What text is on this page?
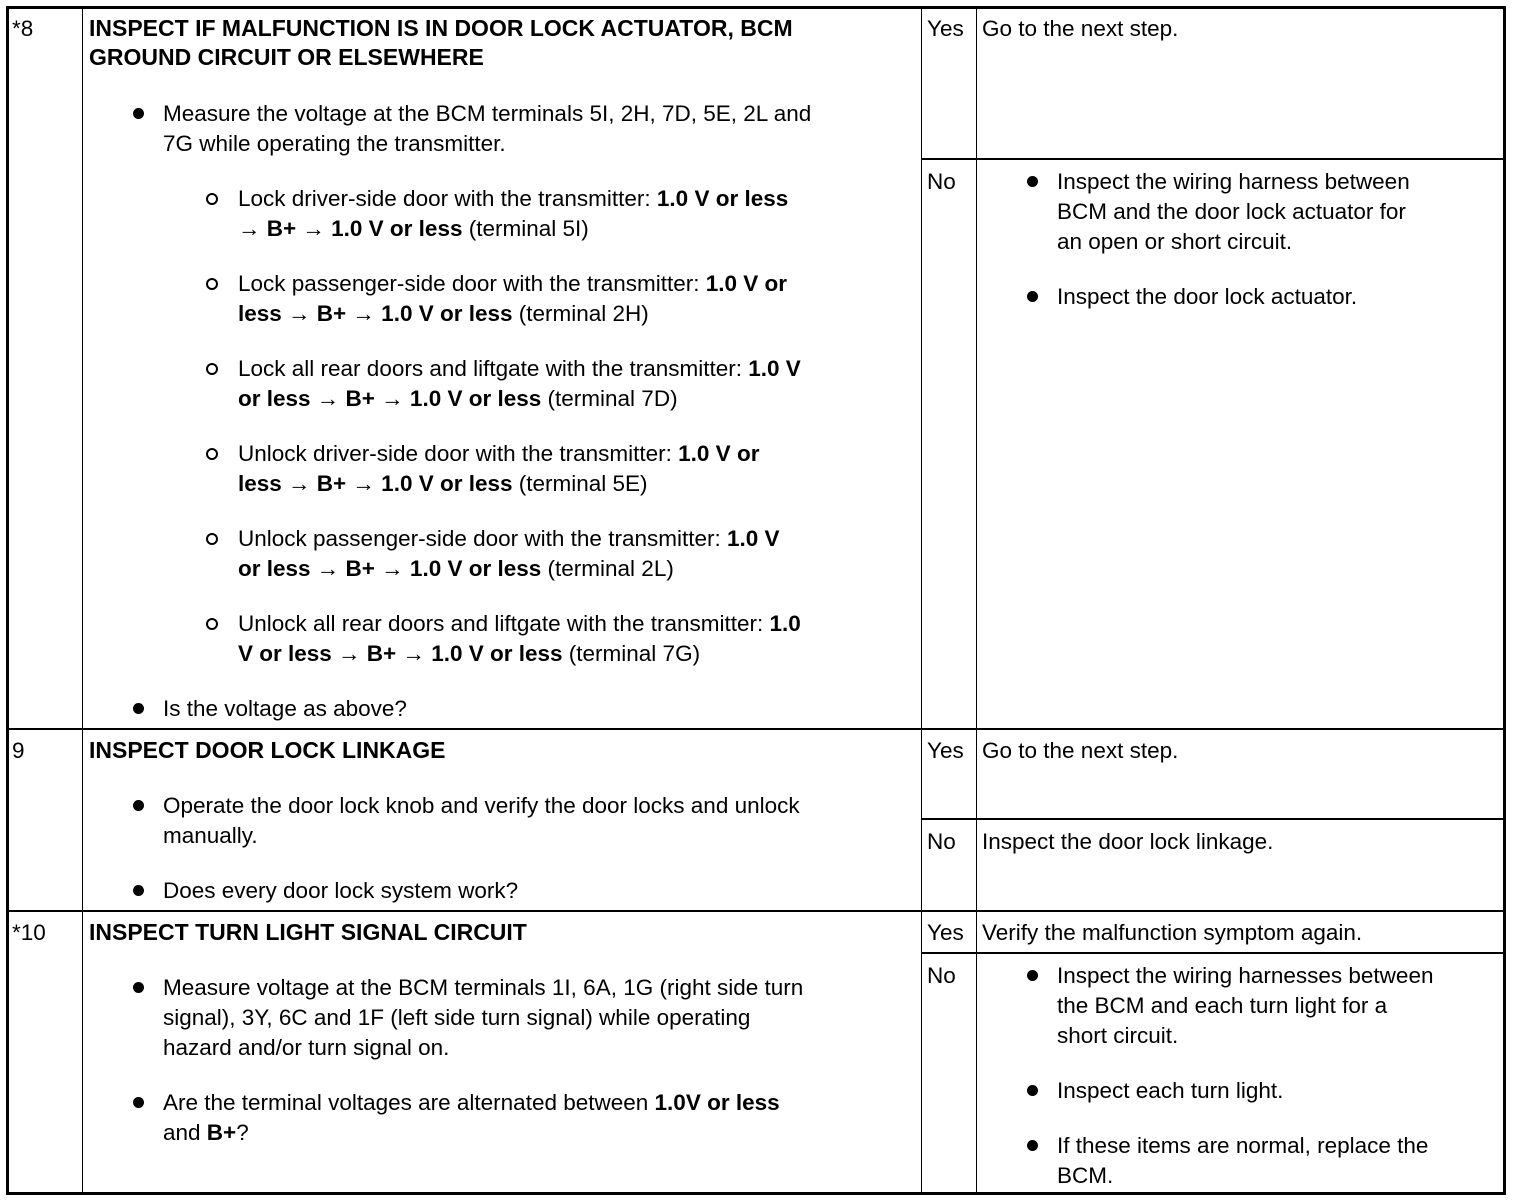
*8 INSPECT IF MALFUNCTION IS IN DOOR LOCK ACTUATOR, BCM
GROUND CIRCUIT OR ELSEWHERE
Measure the voltage at the BCM terminals 5I, 2H, 7D, 5E, 2L and
7G while operating the transmitter.
Lock driver-side door with the transmitter: 1.0 V or less
→ B+ → 1.0 V or less (terminal 5I)
Lock passenger-side door with the transmitter: 1.0 V or
less → B+ → 1.0 V or less (terminal 2H)
Lock all rear doors and liftgate with the transmitter: 1.0 V
or less → B+ → 1.0 V or less (terminal 7D)
Unlock driver-side door with the transmitter: 1.0 V or
less → B+ → 1.0 V or less (terminal 5E)
Unlock passenger-side door with the transmitter: 1.0 V
or less → B+ → 1.0 V or less (terminal 2L)
Unlock all rear doors and liftgate with the transmitter: 1.0
V or less → B+ → 1.0 V or less (terminal 7G)
Is the voltage as above?
Yes Go to the next step.
No	Inspect the wiring harness between
BCM and the door lock actuator for
an open or short circuit.
Inspect the door lock actuator.
9	INSPECT DOOR LOCK LINKAGE
Operate the door lock knob and verify the door locks and unlock
manually.
Does every door lock system work?
Yes Go to the next step.
No Inspect the door lock linkage.
*10 INSPECT TURN LIGHT SIGNAL CIRCUIT
Measure voltage at the BCM terminals 1I, 6A, 1G (right side turn
signal), 3Y, 6C and 1F (left side turn signal) while operating
hazard and/or turn signal on.
Are the terminal voltages are alternated between 1.0V or less
and B+?
Yes Verify the malfunction symptom again.
No	Inspect the wiring harnesses between
the BCM and each turn light for a
short circuit.
Inspect each turn light.
If these items are normal, replace the
BCM.
